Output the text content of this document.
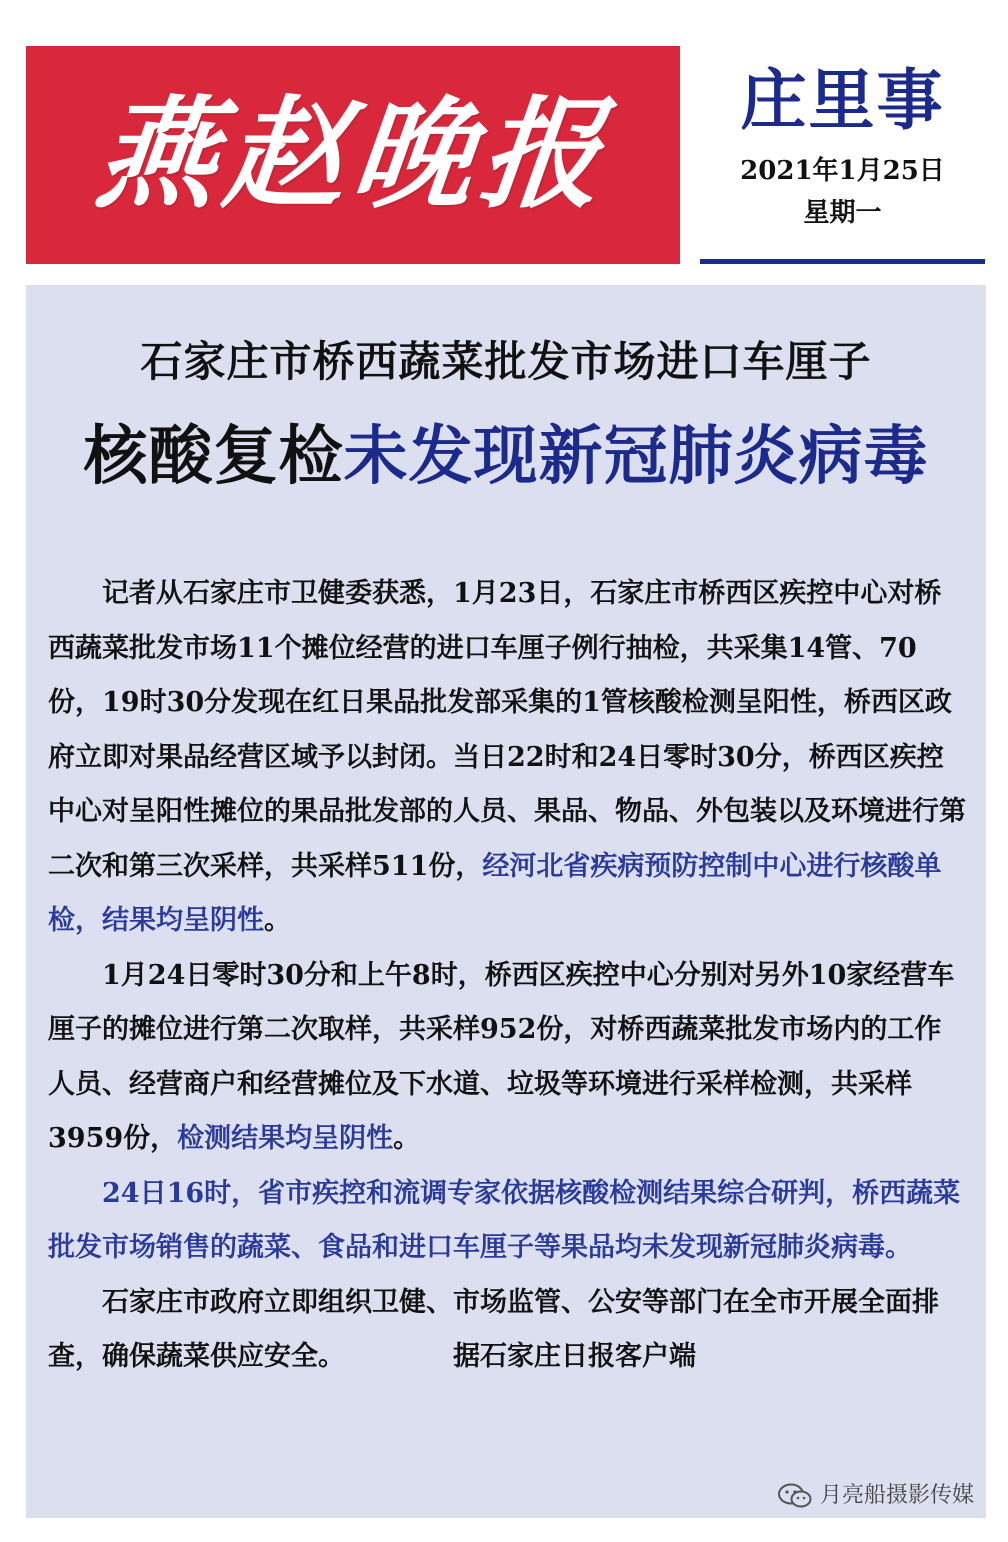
燕赵晚报	庄里事
2021年1月25日
星期一
石家庄市桥西蔬菜批发市场进口车厘子
核酸复检未发现新冠肺炎病毒

记者从石家庄市卫健委获悉，1月23日，石家庄市桥西区疾控中心对桥西蔬菜批发市场11个摊位经营的进口车厘子例行抽检，共采集14管、70份，19时30分发现在红日果品批发部采集的1管核酸检测呈阳性，桥西区政府立即对果品经营区域予以封闭。当日22时和24日零时30分，桥西区疾控中心对呈阳性摊位的果品批发部的人员、果品、物品、外包装以及环境进行第二次和第三次采样，共采样511份，经河北省疾病预防控制中心进行核酸单检，结果均呈阴性。

1月24日零时30分和上午8时，桥西区疾控中心分别对另外10家经营车厘子的摊位进行第二次取样，共采样952份，对桥西蔬菜批发市场内的工作人员、经营商户和经营摊位及下水道、垃圾等环境进行采样检测，共采样3959份，检测结果均呈阴性。

24日16时，省市疾控和流调专家依据核酸检测结果综合研判，桥西蔬菜批发市场销售的蔬菜、食品和进口车厘子等果品均未发现新冠肺炎病毒。

石家庄市政府立即组织卫健、市场监管、公安等部门在全市开展全面排查，确保蔬菜供应安全。	据石家庄日报客户端

月亮船摄影传媒
